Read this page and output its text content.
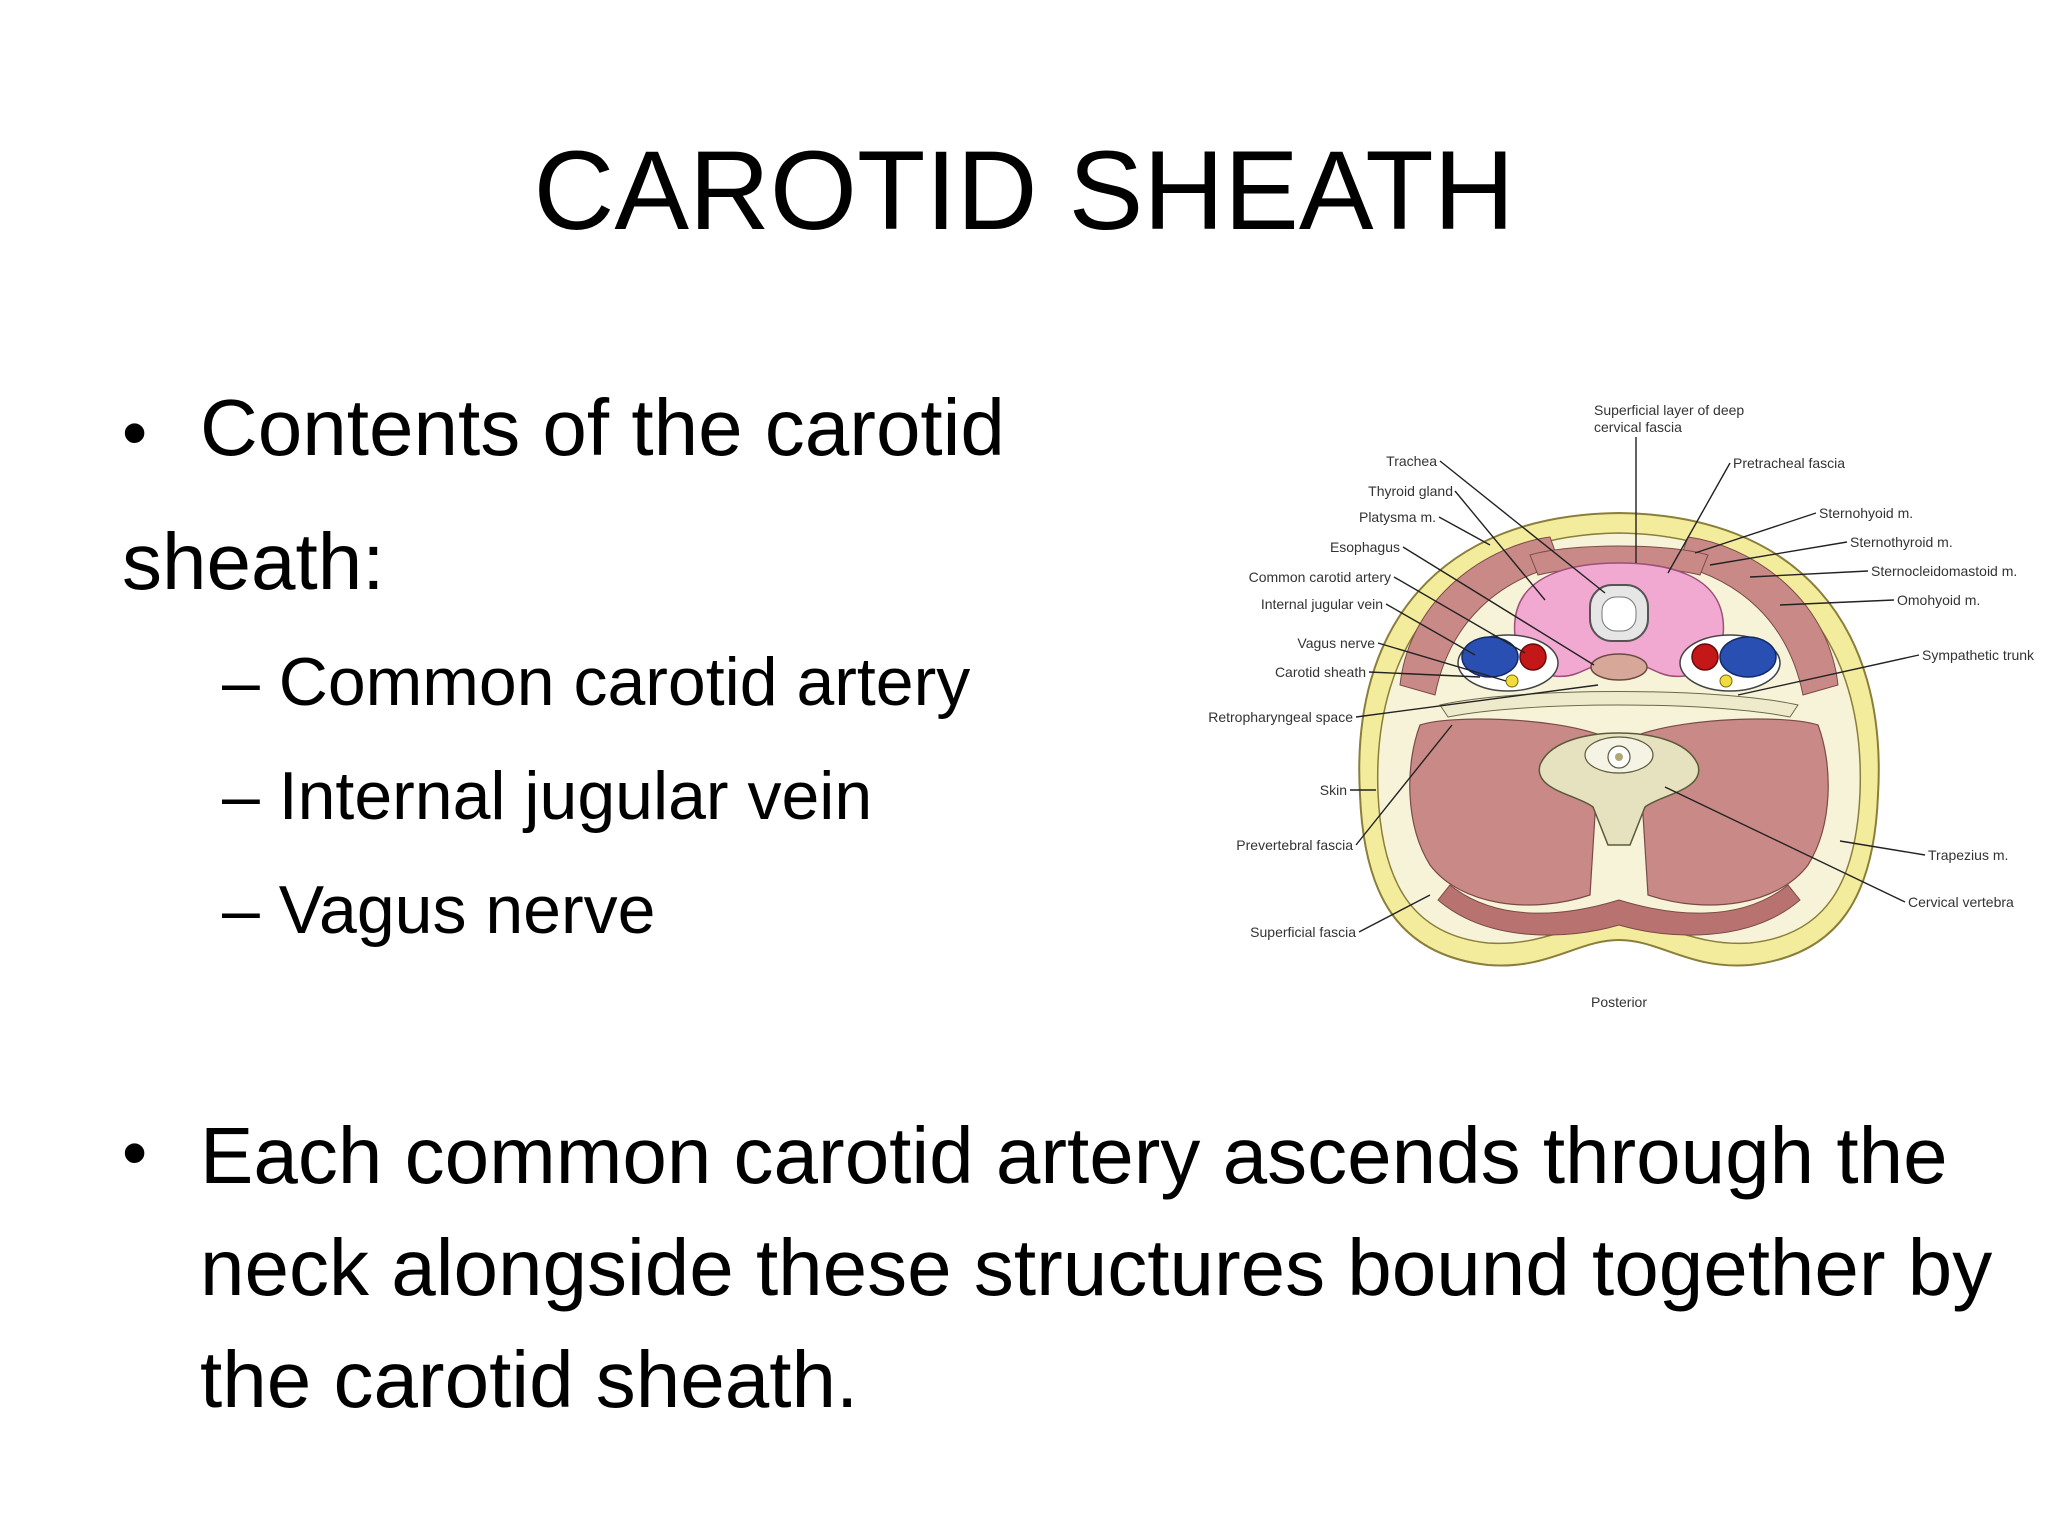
CAROTID SHEATH
• Contents of the carotid
sheath:
– Common carotid artery
– Internal jugular vein
– Vagus nerve
Superficial layer of deep
cervical fascia
Trachea
Thyroid gland
Platysma m.
Esophagus
Common carotid artery
Internal jugular vein
Vagus nerve
Carotid sheath
Retropharyngeal space
Skin
Prevertebral fascia
Superficial fascia
Pretracheal fascia
Sternohyoid m.
Sternothyroid m.
Sternocleidomastoid m.
Omohyoid m.
Sympathetic trunk
Trapezius m.
Cervical vertebra
Posterior
• Each common carotid artery ascends through the neck alongside these structures bound together by the carotid sheath.
